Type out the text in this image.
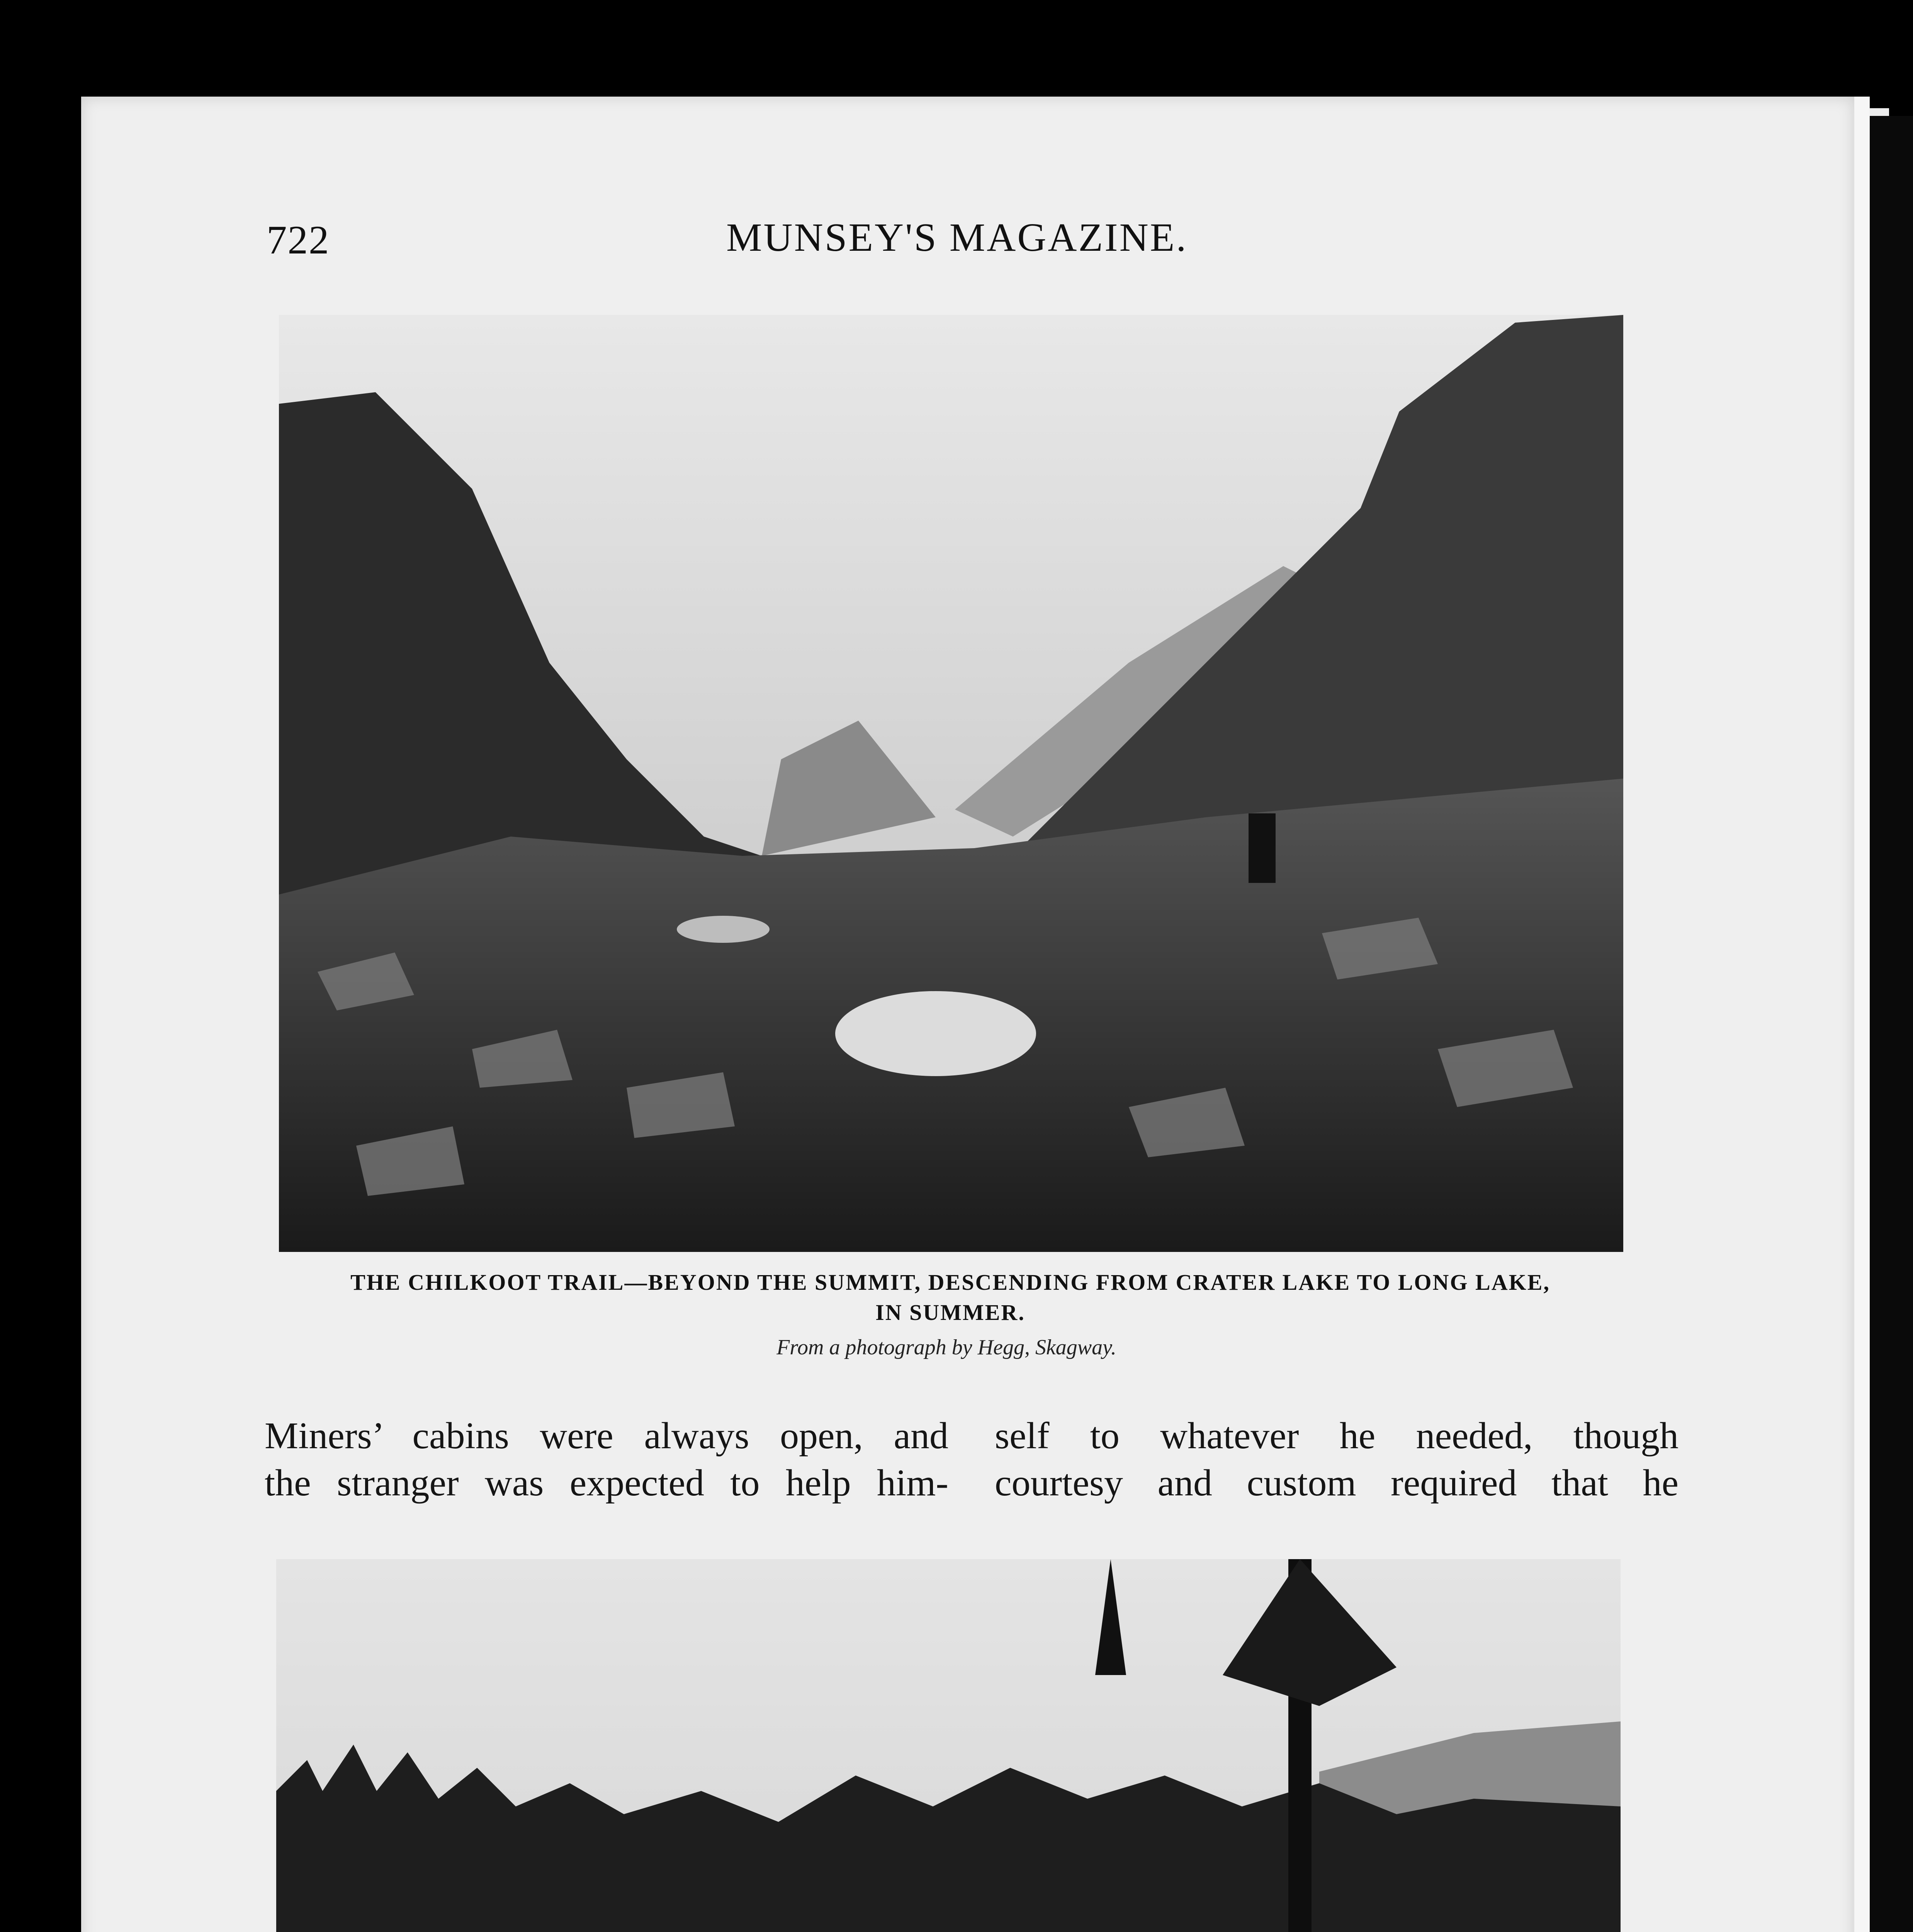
722	MUNSEY'S MAGAZINE.
THE CHILKOOT TRAIL—BEYOND THE SUMMIT, DESCENDING FROM CRATER LAKE TO LONG LAKE,
IN SUMMER.
From a photograph by Hegg, Skagway.
Miners’ cabins were always open, and
the stranger was expected to help him-
self to whatever he needed, though
courtesy and custom required that he
